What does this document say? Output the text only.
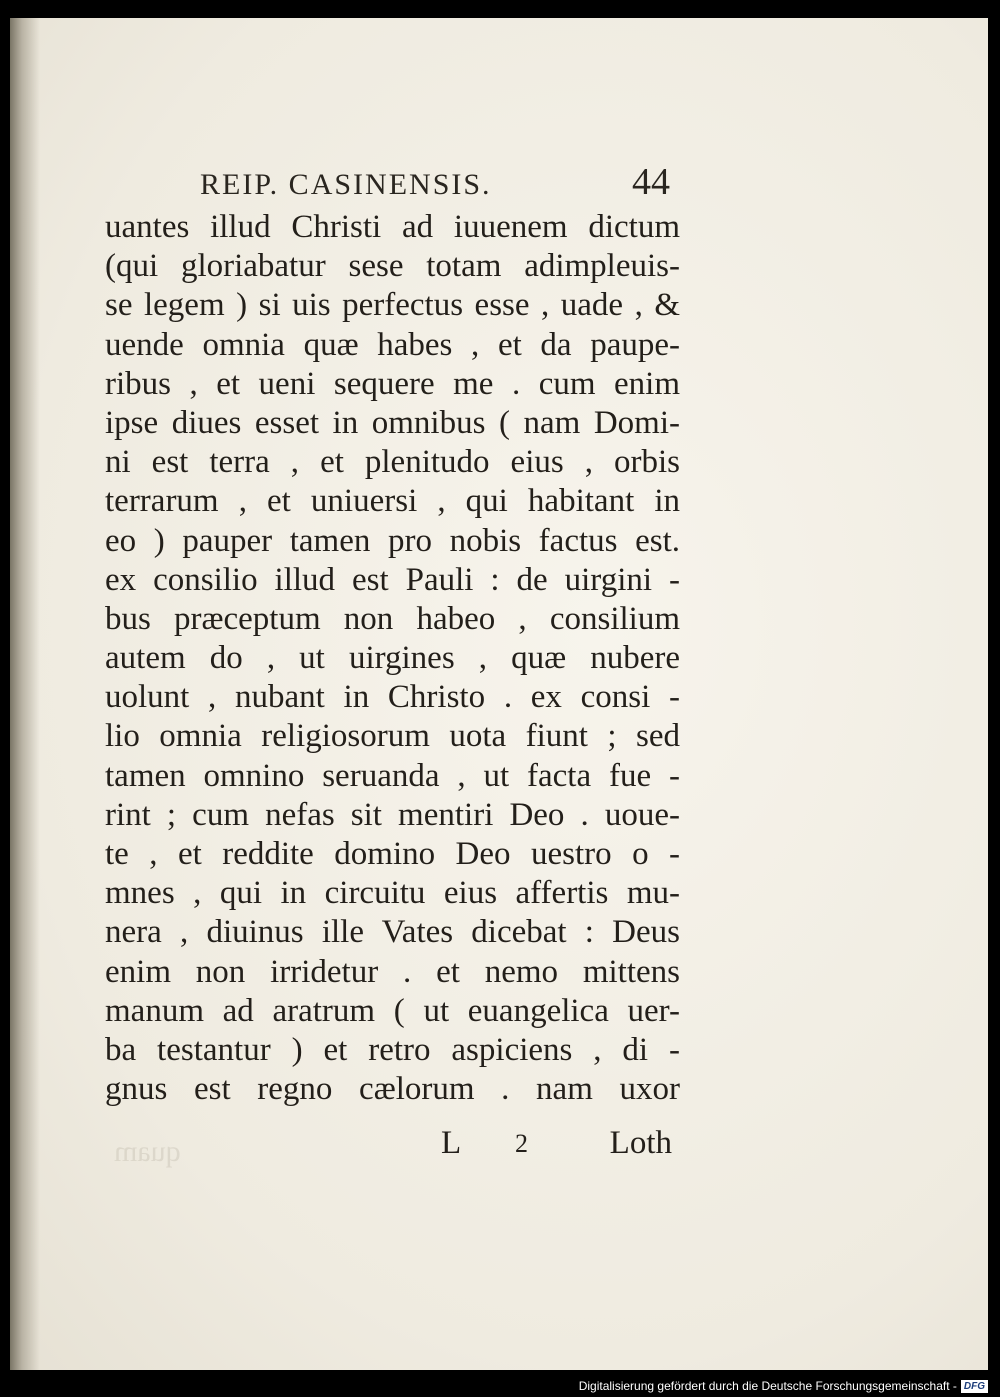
REIP. CASINENSIS.	44
uantes illud Christi ad iuuenem dictum
(qui gloriabatur sese totam adimpleuis-
se legem ) si uis perfectus esse , uade , &
uende omnia quæ habes , et da paupe-
ribus , et ueni sequere me . cum enim
ipse diues esset in omnibus ( nam Domi-
ni est terra , et plenitudo eius , orbis
terrarum , et uniuersi , qui habitant in
eo ) pauper tamen pro nobis factus est.
ex consilio illud est Pauli : de uirgini -
bus præceptum non habeo , consilium
autem do , ut uirgines , quæ nubere
uolunt , nubant in Christo . ex consi -
lio omnia religiosorum uota fiunt ; sed
tamen omnino seruanda , ut facta fue -
rint ; cum nefas sit mentiri Deo . uoue-
te , et reddite domino Deo uestro o -
mnes , qui in circuitu eius affertis mu-
nera , diuinus ille Vates dicebat : Deus
enim non irridetur . et nemo mittens
manum ad aratrum ( ut euangelica uer-
ba testantur ) et retro aspiciens , di -
gnus est regno cælorum . nam uxor
quam	L 2 Loth
Digitalisierung gefördert durch die Deutsche Forschungsgemeinschaft - DFG
